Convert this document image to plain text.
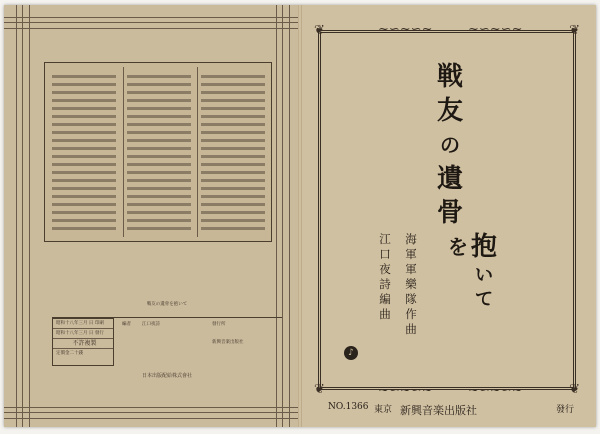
戦友の遺骨を抱いて
昭和十八年三月 日 印刷
昭和十八年三月 日 發行
不許複製
定價金二十錢
編者 江口夜詩	發行所
新興音楽出版社
日本出版配給株式會社
❦	❦
❦	❦
~∽~∽~	~∽~∽~
~∽~∽~	~∽~∽~
戦
友
の
遺
骨
を 抱
い
て
海軍軍樂隊 作曲
江口夜詩 編曲
♪
NO.1366 東京 新興音楽出版社	發行
